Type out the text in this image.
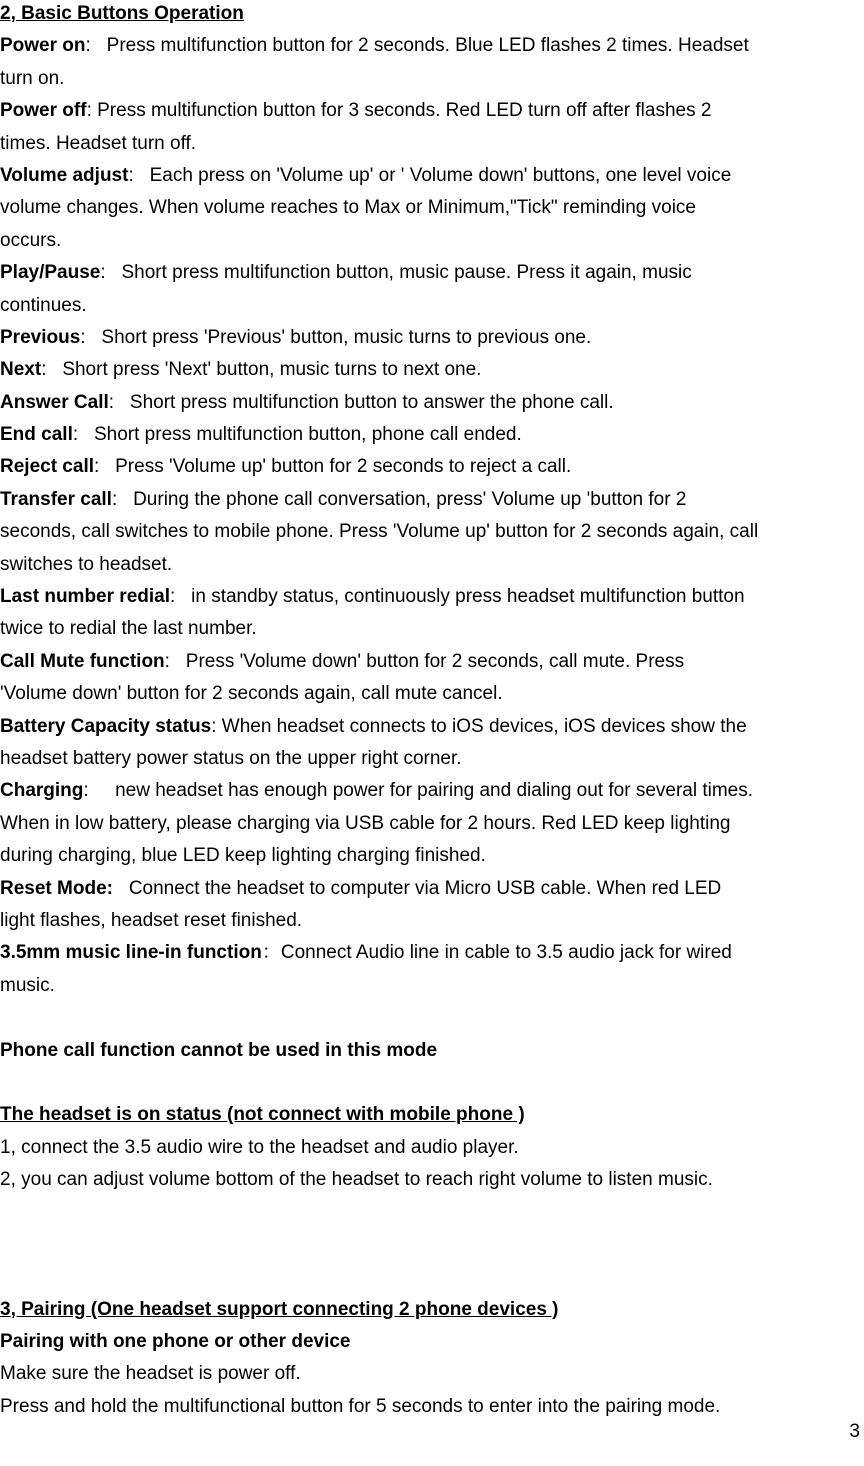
2, Basic Buttons Operation
Power on:   Press multifunction button for 2 seconds. Blue LED flashes 2 times. Headset
turn on.
Power off: Press multifunction button for 3 seconds. Red LED turn off after flashes 2
times. Headset turn off.
Volume adjust:   Each press on 'Volume up' or ' Volume down' buttons, one level voice
volume changes. When volume reaches to Max or Minimum,"Tick" reminding voice
occurs.
Play/Pause:   Short press multifunction button, music pause. Press it again, music
continues.
Previous:   Short press 'Previous' button, music turns to previous one.
Next:   Short press 'Next' button, music turns to next one.
Answer Call:   Short press multifunction button to answer the phone call.
End call:   Short press multifunction button, phone call ended.
Reject call:   Press 'Volume up' button for 2 seconds to reject a call.
Transfer call:   During the phone call conversation, press' Volume up 'button for 2
seconds, call switches to mobile phone. Press 'Volume up' button for 2 seconds again, call
switches to headset.
Last number redial:   in standby status, continuously press headset multifunction button
twice to redial the last number.
Call Mute function:   Press 'Volume down' button for 2 seconds, call mute. Press
'Volume down' button for 2 seconds again, call mute cancel.
Battery Capacity status: When headset connects to iOS devices, iOS devices show the
headset battery power status on the upper right corner.
Charging:     new headset has enough power for pairing and dialing out for several times.
When in low battery, please charging via USB cable for 2 hours. Red LED keep lighting
during charging, blue LED keep lighting charging finished.
Reset Mode: Connect the headset to computer via Micro USB cable. When red LED
light flashes, headset reset finished.
3.5mm music line-in function：Connect Audio line in cable to 3.5 audio jack for wired
music.
Phone call function cannot be used in this mode
The headset is on status (not connect with mobile phone )
1, connect the 3.5 audio wire to the headset and audio player.
2, you can adjust volume bottom of the headset to reach right volume to listen music.
3, Pairing (One headset support connecting 2 phone devices )
Pairing with one phone or other device
Make sure the headset is power off.
Press and hold the multifunctional button for 5 seconds to enter into the pairing mode.
3
